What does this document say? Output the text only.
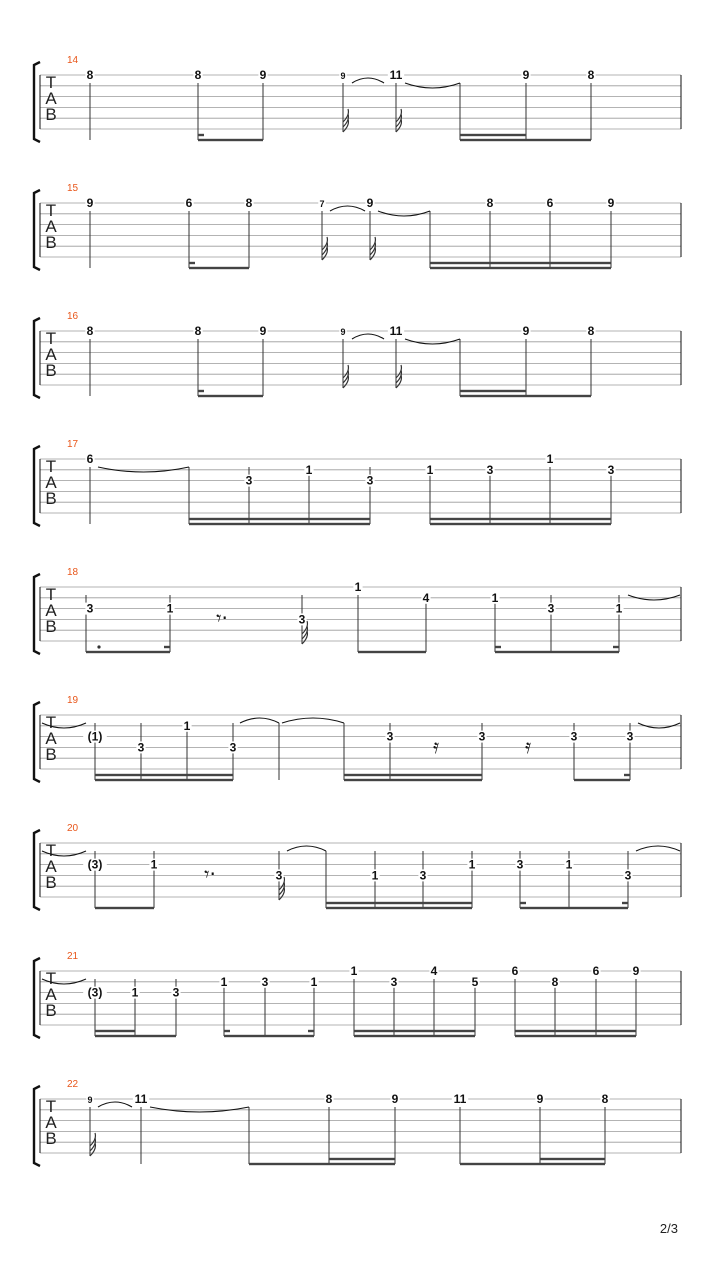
14
T
A
B
8	8	9	9	11	9	8
15
T
A
B
9	6	8	7	9	8	6	9
16
T
A
B
8	8	9	9	11	9	8
17
T
A
B
6
3
1
3
1	3
1
3
18
T
A
B	𝄾·
3	1
3
1
4	1
3	1
19
T
A
B	𝄿	𝄿
(1)
3
1
3
3	3	3	3
20
T
A
B	𝄾·
(3)	1
3	1	3
1	3	1
3
21
T
A
B
(3) 1	3
1	3	1
1
3
4
5
6
8
6	9
22
T
A
B
9	11	8	9	11	9	8
2/3
